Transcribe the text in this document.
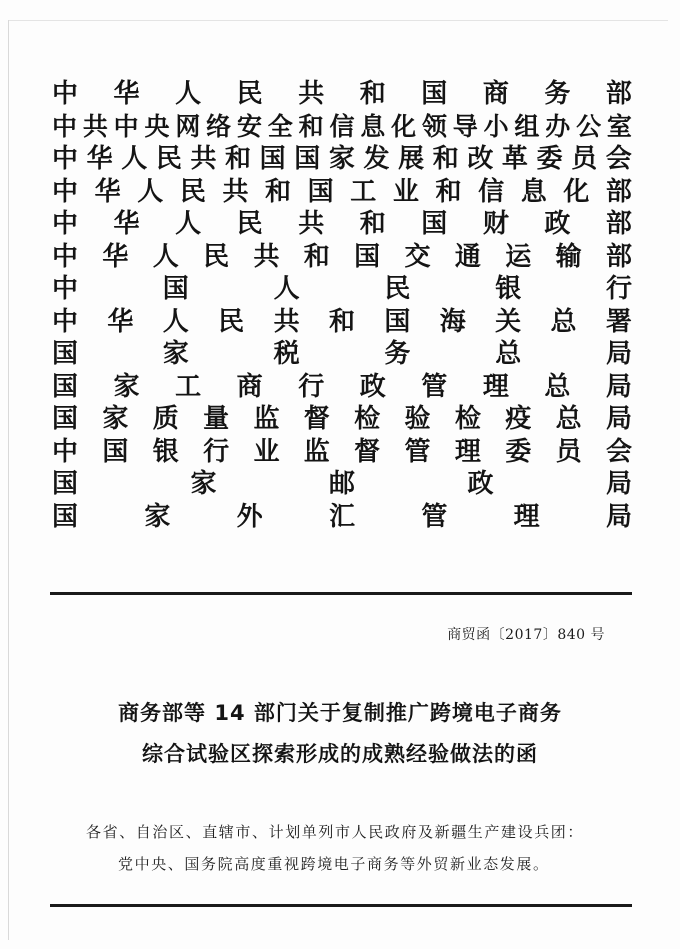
中 华 人 民 共 和 国 商 务 部
中 共 中 央 网 络 安 全 和 信 息 化 领 导 小 组 办 公 室
中 华 人 民 共 和 国 国 家 发 展 和 改 革 委 员 会
中 华 人 民 共 和 国 工 业 和 信 息 化 部
中 华 人 民 共 和 国 财 政 部
中 华 人 民 共 和 国 交 通 运 输 部
中	国	人	民	银	行
中 华 人 民 共 和 国 海 关 总 署
国	家	税	务	总	局
国 家 工 商 行 政 管 理 总 局
国 家 质 量 监 督 检 验 检 疫 总 局
中 国 银 行 业 监 督 管 理 委 员 会
国	家	邮	政	局
国	家	外	汇	管	理	局
商贸函〔2017〕840 号
商务部等 14 部门关于复制推广跨境电子商务
综合试验区探索形成的成熟经验做法的函
各省、自治区、直辖市、计划单列市人民政府及新疆生产建设兵团：
党中央、国务院高度重视跨境电子商务等外贸新业态发展。
